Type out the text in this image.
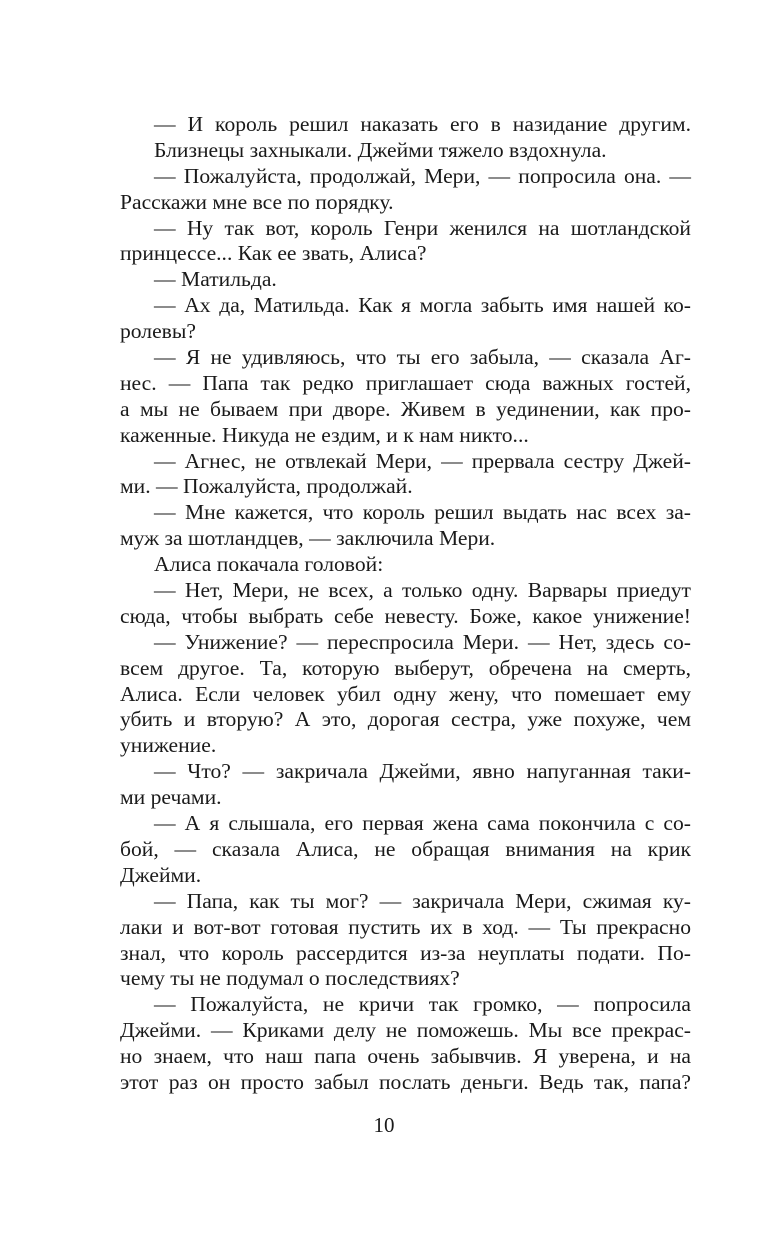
— И король решил наказать его в назидание другим.
Близнецы захныкали. Джейми тяжело вздохнула.
— Пожалуйста, продолжай, Мери, — попросила она. —
Расскажи мне все по порядку.
— Ну так вот, король Генри женился на шотландской
принцессе... Как ее звать, Алиса?
— Матильда.
— Ах да, Матильда. Как я могла забыть имя нашей ко-
ролевы?
— Я не удивляюсь, что ты его забыла, — сказала Аг-
нес. — Папа так редко приглашает сюда важных гостей,
а мы не бываем при дворе. Живем в уединении, как про-
каженные. Никуда не ездим, и к нам никто...
— Агнес, не отвлекай Мери, — прервала сестру Джей-
ми. — Пожалуйста, продолжай.
— Мне кажется, что король решил выдать нас всех за-
муж за шотландцев, — заключила Мери.
Алиса покачала головой:
— Нет, Мери, не всех, а только одну. Варвары приедут
сюда, чтобы выбрать себе невесту. Боже, какое унижение!
— Унижение? — переспросила Мери. — Нет, здесь со-
всем другое. Та, которую выберут, обречена на смерть,
Алиса. Если человек убил одну жену, что помешает ему
убить и вторую? А это, дорогая сестра, уже похуже, чем
унижение.
— Что? — закричала Джейми, явно напуганная таки-
ми речами.
— А я слышала, его первая жена сама покончила с со-
бой, — сказала Алиса, не обращая внимания на крик
Джейми.
— Папа, как ты мог? — закричала Мери, сжимая ку-
лаки и вот-вот готовая пустить их в ход. — Ты прекрасно
знал, что король рассердится из-за неуплаты подати. По-
чему ты не подумал о последствиях?
— Пожалуйста, не кричи так громко, — попросила
Джейми. — Криками делу не поможешь. Мы все прекрас-
но знаем, что наш папа очень забывчив. Я уверена, и на
этот раз он просто забыл послать деньги. Ведь так, папа?
10
